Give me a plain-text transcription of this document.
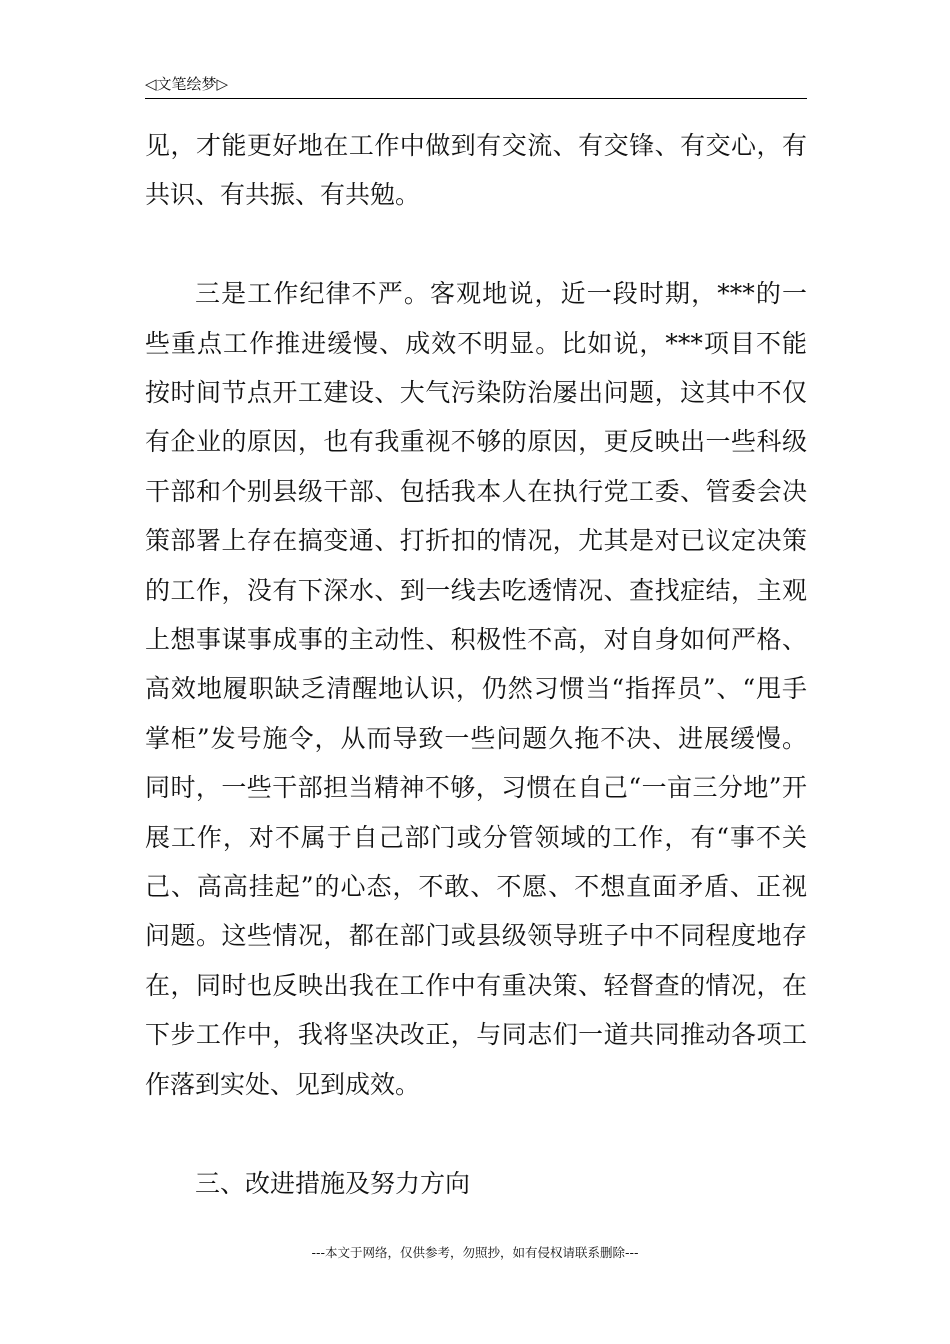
◁文笔绘梦▷

见，才能更好地在工作中做到有交流、有交锋、有交心，有共识、有共振、有共勉。

三是工作纪律不严。客观地说，近一段时期，***的一些重点工作推进缓慢、成效不明显。比如说，***项目不能按时间节点开工建设、大气污染防治屡出问题，这其中不仅有企业的原因，也有我重视不够的原因，更反映出一些科级干部和个别县级干部、包括我本人在执行党工委、管委会决策部署上存在搞变通、打折扣的情况，尤其是对已议定决策的工作，没有下深水、到一线去吃透情况、查找症结，主观上想事谋事成事的主动性、积极性不高，对自身如何严格、高效地履职缺乏清醒地认识，仍然习惯当“指挥员”、“甩手掌柜”发号施令，从而导致一些问题久拖不决、进展缓慢。同时，一些干部担当精神不够，习惯在自己“一亩三分地”开展工作，对不属于自己部门或分管领域的工作，有“事不关己、高高挂起”的心态，不敢、不愿、不想直面矛盾、正视问题。这些情况，都在部门或县级领导班子中不同程度地存在，同时也反映出我在工作中有重决策、轻督查的情况，在下步工作中，我将坚决改正，与同志们一道共同推动各项工作落到实处、见到成效。

三、改进措施及努力方向

---本文于网络，仅供参考，勿照抄，如有侵权请联系删除---
